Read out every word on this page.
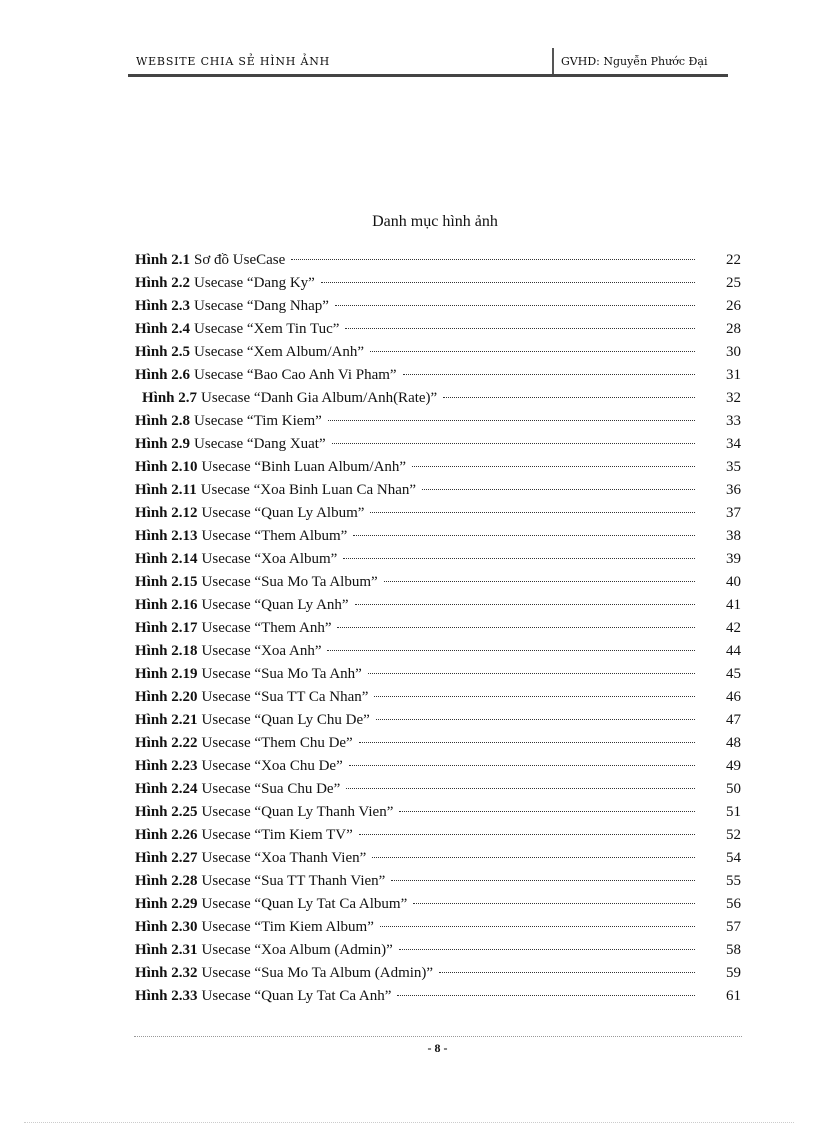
WEBSITE CHIA SẺ HÌNH ẢNH	GVHD: Nguyễn Phước Đại
Danh mục hình ảnh
Hình 2.1 Sơ đồ UseCase	22
Hình 2.2 Usecase “Dang Ky”	25
Hình 2.3 Usecase “Dang Nhap”	26
Hình 2.4 Usecase “Xem Tin Tuc”	28
Hình 2.5 Usecase “Xem Album/Anh”	30
Hình 2.6 Usecase “Bao Cao Anh Vi Pham”	31
Hình 2.7 Usecase “Danh Gia Album/Anh(Rate)”	32
Hình 2.8 Usecase “Tim Kiem”	33
Hình 2.9 Usecase “Dang Xuat”	34
Hình 2.10 Usecase “Binh Luan Album/Anh”	35
Hình 2.11 Usecase “Xoa Binh Luan Ca Nhan”	36
Hình 2.12 Usecase “Quan Ly Album”	37
Hình 2.13 Usecase “Them Album”	38
Hình 2.14 Usecase “Xoa Album”	39
Hình 2.15 Usecase “Sua Mo Ta Album”	40
Hình 2.16 Usecase “Quan Ly Anh”	41
Hình 2.17 Usecase “Them Anh”	42
Hình 2.18 Usecase “Xoa Anh”	44
Hình 2.19 Usecase “Sua Mo Ta Anh”	45
Hình 2.20 Usecase “Sua TT Ca Nhan”	46
Hình 2.21 Usecase “Quan Ly Chu De”	47
Hình 2.22 Usecase “Them Chu De”	48
Hình 2.23 Usecase “Xoa Chu De”	49
Hình 2.24 Usecase “Sua Chu De”	50
Hình 2.25 Usecase “Quan Ly Thanh Vien”	51
Hình 2.26 Usecase “Tim Kiem TV”	52
Hình 2.27 Usecase “Xoa Thanh Vien”	54
Hình 2.28 Usecase “Sua TT Thanh Vien”	55
Hình 2.29 Usecase “Quan Ly Tat Ca Album”	56
Hình 2.30 Usecase “Tim Kiem Album”	57
Hình 2.31 Usecase “Xoa Album (Admin)”	58
Hình 2.32 Usecase “Sua Mo Ta Album (Admin)”	59
Hình 2.33 Usecase “Quan Ly Tat Ca Anh”	61
- 8 -
